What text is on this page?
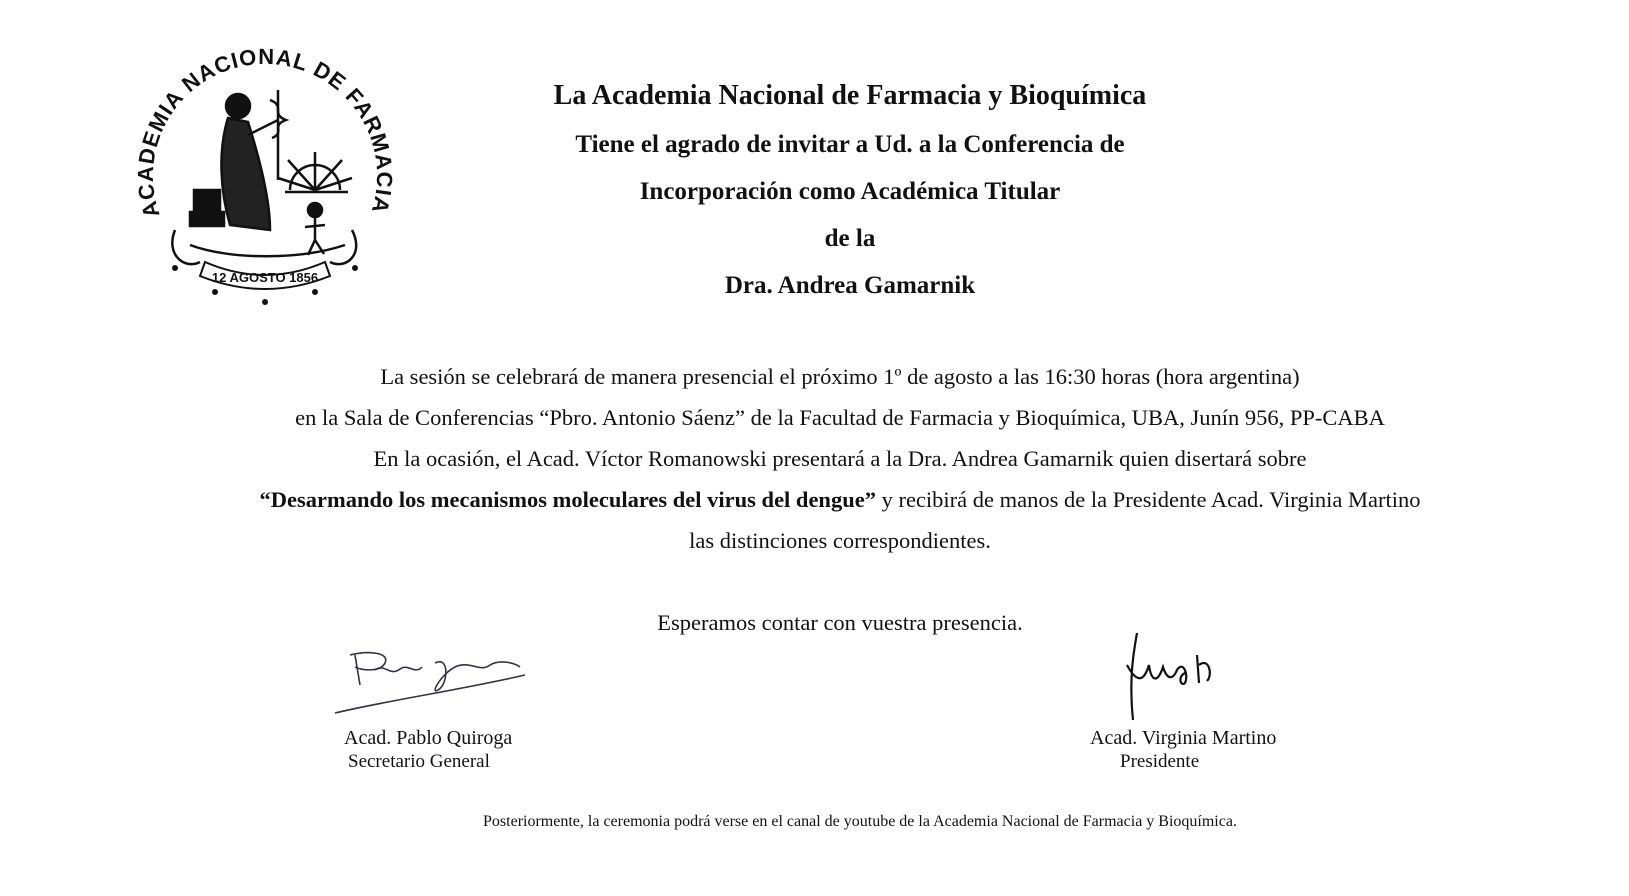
ACADEMIA NACIONAL DE FARMACIA
12 AGOSTO 1856
La Academia Nacional de Farmacia y Bioquímica
Tiene el agrado de invitar a Ud. a la Conferencia de
Incorporación como Académica Titular
de la
Dra. Andrea Gamarnik
La sesión se celebrará de manera presencial el próximo 1º de agosto a las 16:30 horas (hora argentina)
en la Sala de Conferencias “Pbro. Antonio Sáenz” de la Facultad de Farmacia y Bioquímica, UBA, Junín 956, PP-CABA
En la ocasión, el Acad. Víctor Romanowski presentará a la Dra. Andrea Gamarnik quien disertará sobre
“Desarmando los mecanismos moleculares del virus del dengue” y recibirá de manos de la Presidente Acad. Virginia Martino
las distinciones correspondientes.
Esperamos contar con vuestra presencia.
Acad. Pablo Quiroga
Secretario General
Acad. Virginia Martino
Presidente
Posteriormente, la ceremonia podrá verse en el canal de youtube de la Academia Nacional de Farmacia y Bioquímica.
